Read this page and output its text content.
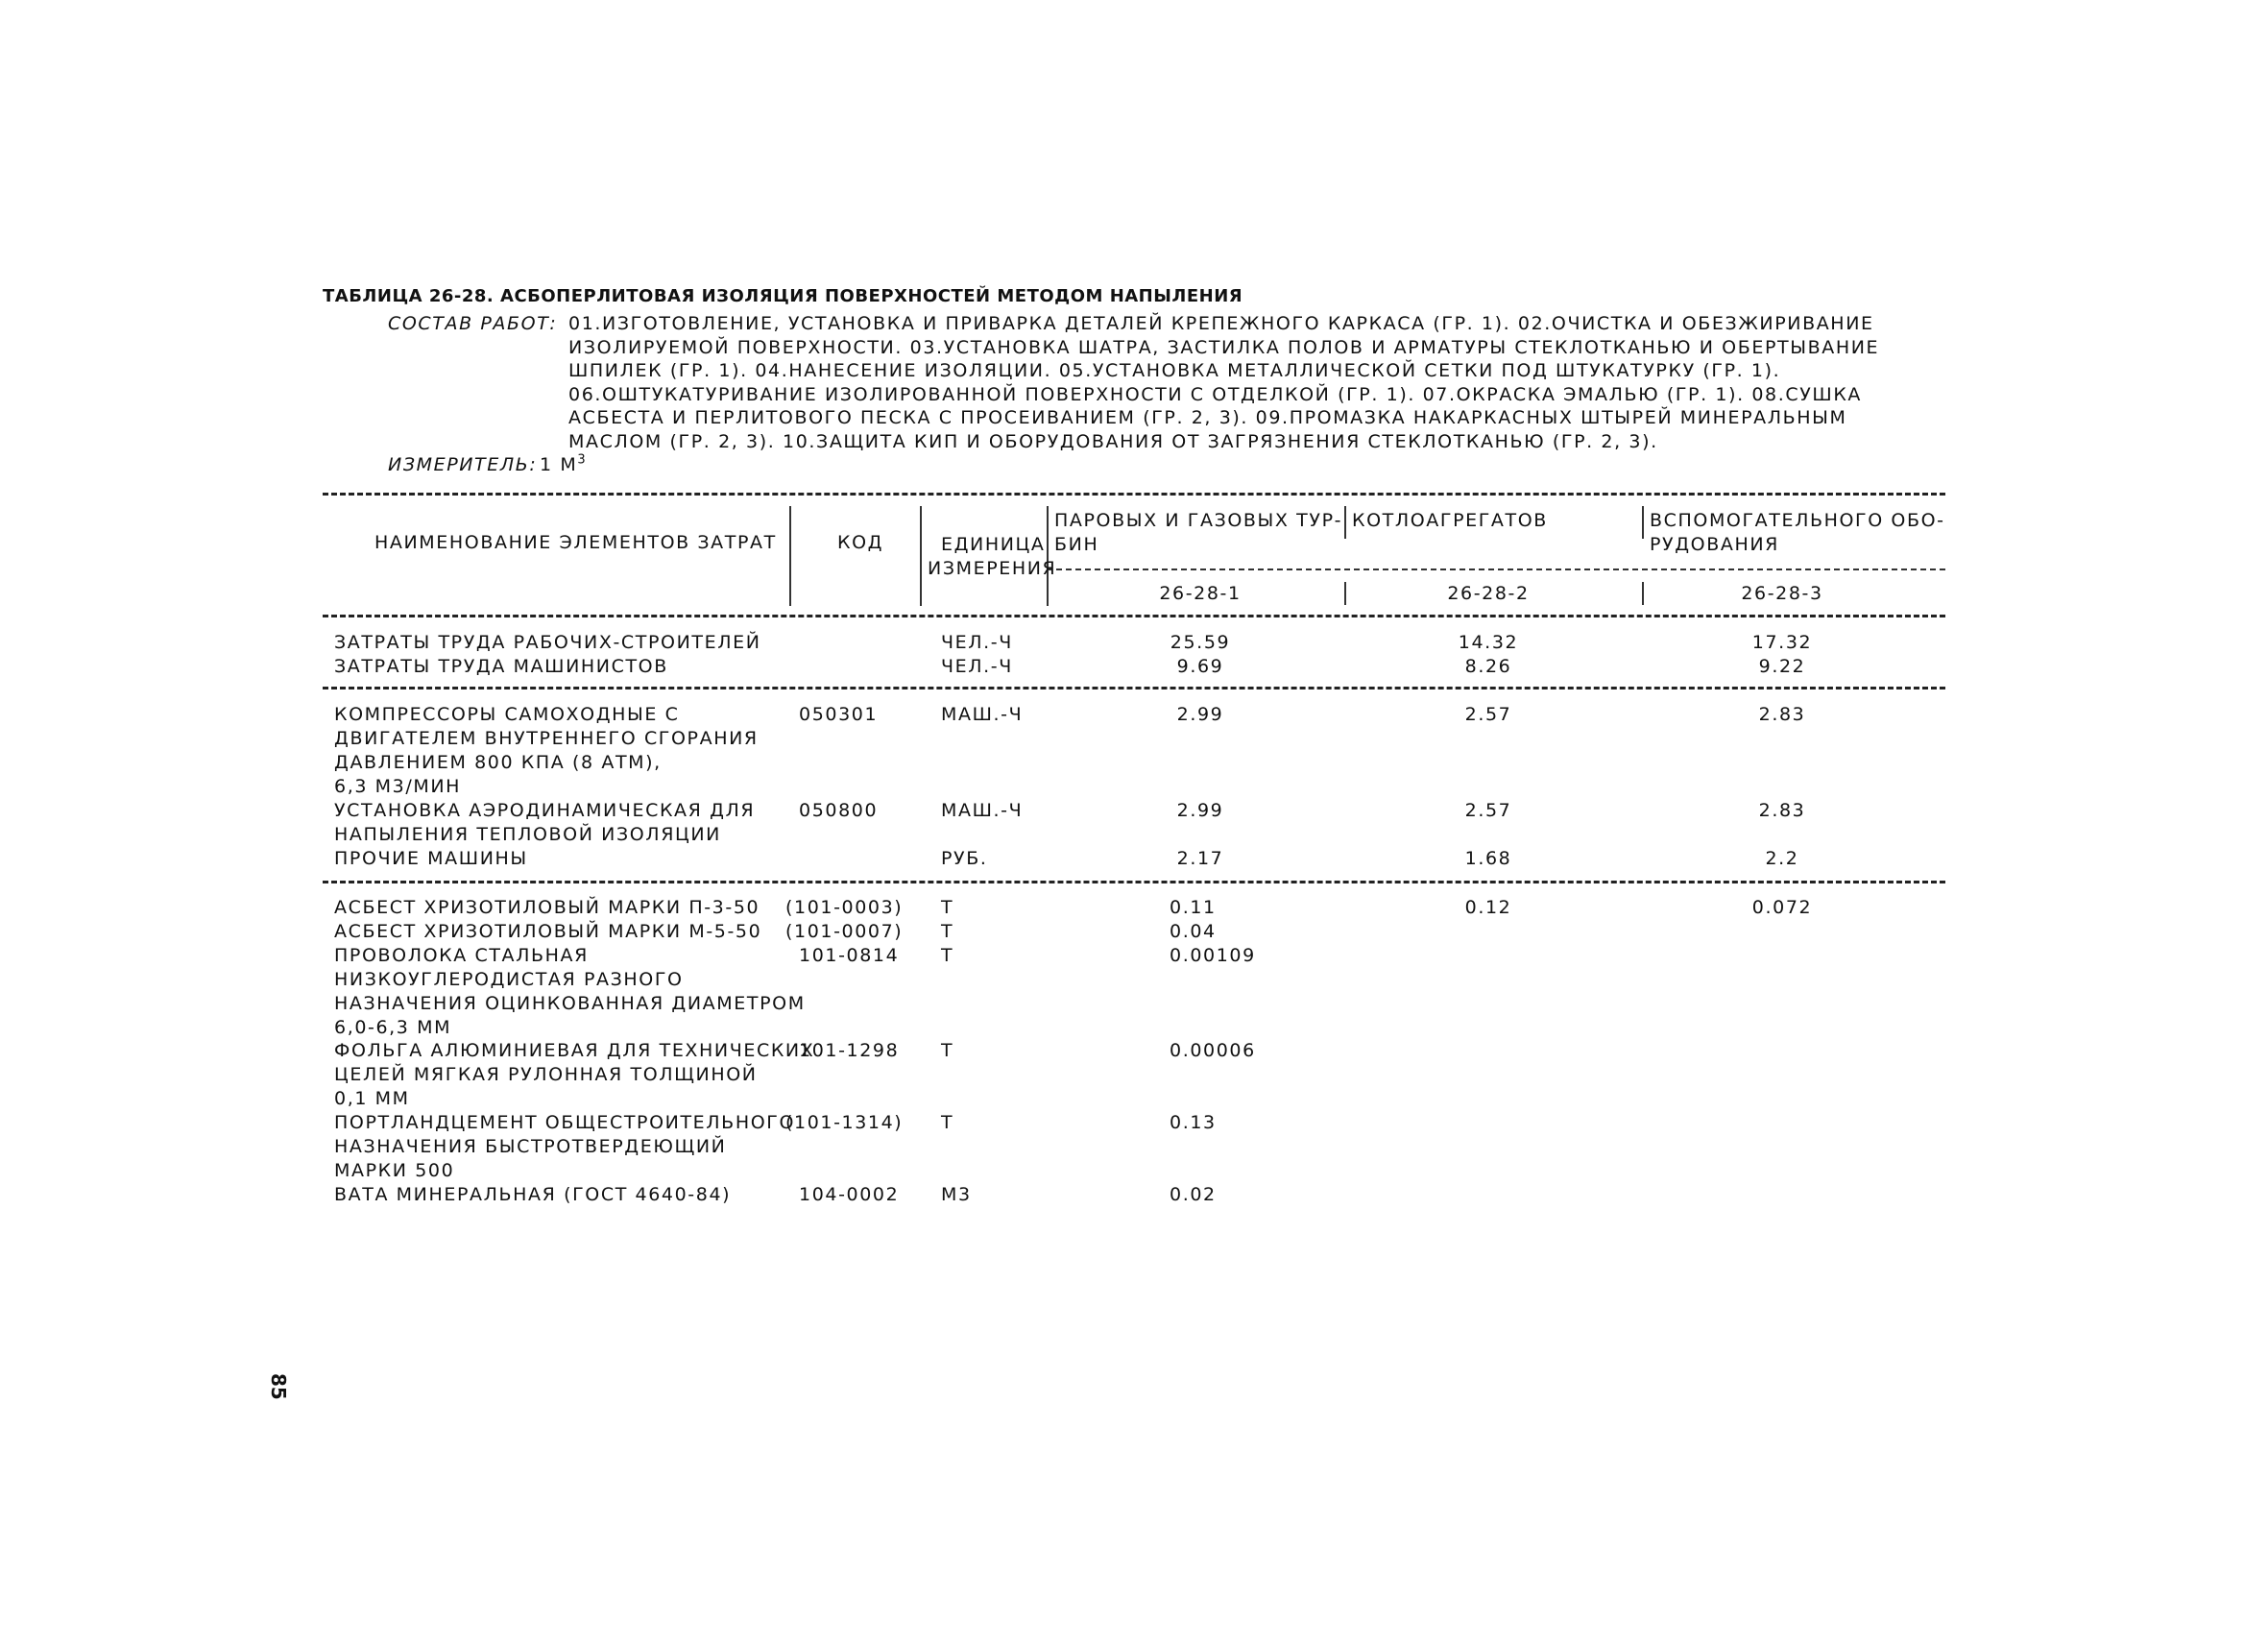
ТАБЛИЦА 26-28. АСБОПЕРЛИТОВАЯ ИЗОЛЯЦИЯ ПОВЕРХНОСТЕЙ МЕТОДОМ НАПЫЛЕНИЯ
СОСТАВ РАБОТ: 01.ИЗГОТОВЛЕНИЕ, УСТАНОВКА И ПРИВАРКА ДЕТАЛЕЙ КРЕПЕЖНОГО КАРКАСА (ГР. 1). 02.ОЧИСТКА И ОБЕЗЖИРИВАНИЕ
ИЗОЛИРУЕМОЙ ПОВЕРХНОСТИ. 03.УСТАНОВКА ШАТРА, ЗАСТИЛКА ПОЛОВ И АРМАТУРЫ СТЕКЛОТКАНЬЮ И ОБЕРТЫВАНИЕ
ШПИЛЕК (ГР. 1). 04.НАНЕСЕНИЕ ИЗОЛЯЦИИ. 05.УСТАНОВКА МЕТАЛЛИЧЕСКОЙ СЕТКИ ПОД ШТУКАТУРКУ (ГР. 1).
06.ОШТУКАТУРИВАНИЕ ИЗОЛИРОВАННОЙ ПОВЕРХНОСТИ С ОТДЕЛКОЙ (ГР. 1). 07.ОКРАСКА ЭМАЛЬЮ (ГР. 1). 08.СУШКА
АСБЕСТА И ПЕРЛИТОВОГО ПЕСКА С ПРОСЕИВАНИЕМ (ГР. 2, 3). 09.ПРОМАЗКА НАКАРКАСНЫХ ШТЫРЕЙ МИНЕРАЛЬНЫМ
МАСЛОМ (ГР. 2, 3). 10.ЗАЩИТА КИП И ОБОРУДОВАНИЯ ОТ ЗАГРЯЗНЕНИЯ СТЕКЛОТКАНЬЮ (ГР. 2, 3).
ИЗМЕРИТЕЛЬ: 1 $М^3$
НАИМЕНОВАНИЕ ЭЛЕМЕНТОВ ЗАТРАТ	КОД	ЕДИНИЦА
ИЗМЕРЕНИЯ
ПАРОВЫХ И ГАЗОВЫХ ТУР-
БИН
КОТЛОАГРЕГАТОВ	ВСПОМОГАТЕЛЬНОГО ОБО-
РУДОВАНИЯ
26-28-1	26-28-2	26-28-3
ЗАТРАТЫ ТРУДА РАБОЧИХ-СТРОИТЕЛЕЙ	ЧЕЛ.-Ч	25.59	14.32	17.32
ЗАТРАТЫ ТРУДА МАШИНИСТОВ	ЧЕЛ.-Ч	9.69	8.26	9.22
КОМПРЕССОРЫ САМОХОДНЫЕ С
ДВИГАТЕЛЕМ ВНУТРЕННЕГО СГОРАНИЯ
ДАВЛЕНИЕМ 800 КПА (8 АТМ),
6,3 М3/МИН
050301	МАШ.-Ч	2.99	2.57	2.83
УСТАНОВКА АЭРОДИНАМИЧЕСКАЯ ДЛЯ
НАПЫЛЕНИЯ ТЕПЛОВОЙ ИЗОЛЯЦИИ
050800	МАШ.-Ч	2.99	2.57	2.83
ПРОЧИЕ МАШИНЫ	РУБ.	2.17	1.68	2.2
АСБЕСТ ХРИЗОТИЛОВЫЙ МАРКИ П-3-50 (101-0003) Т	0.11	0.12	0.072
АСБЕСТ ХРИЗОТИЛОВЫЙ МАРКИ М-5-50 (101-0007) Т	0.04
ПРОВОЛОКА СТАЛЬНАЯ
НИЗКОУГЛЕРОДИСТАЯ РАЗНОГО
НАЗНАЧЕНИЯ ОЦИНКОВАННАЯ ДИАМЕТРОМ
6,0-6,3 ММ
101-0814 Т	0.00109
ФОЛЬГА АЛЮМИНИЕВАЯ ДЛЯ ТЕХНИЧЕСКИХ
ЦЕЛЕЙ МЯГКАЯ РУЛОННАЯ ТОЛЩИНОЙ
0,1 ММ
101-1298 Т	0.00006
ПОРТЛАНДЦЕМЕНТ ОБЩЕСТРОИТЕЛЬНОГО
НАЗНАЧЕНИЯ БЫСТРОТВЕРДЕЮЩИЙ
МАРКИ 500
(101-1314) Т	0.13
ВАТА МИНЕРАЛЬНАЯ (ГОСТ 4640-84)	104-0002 М3	0.02
85
